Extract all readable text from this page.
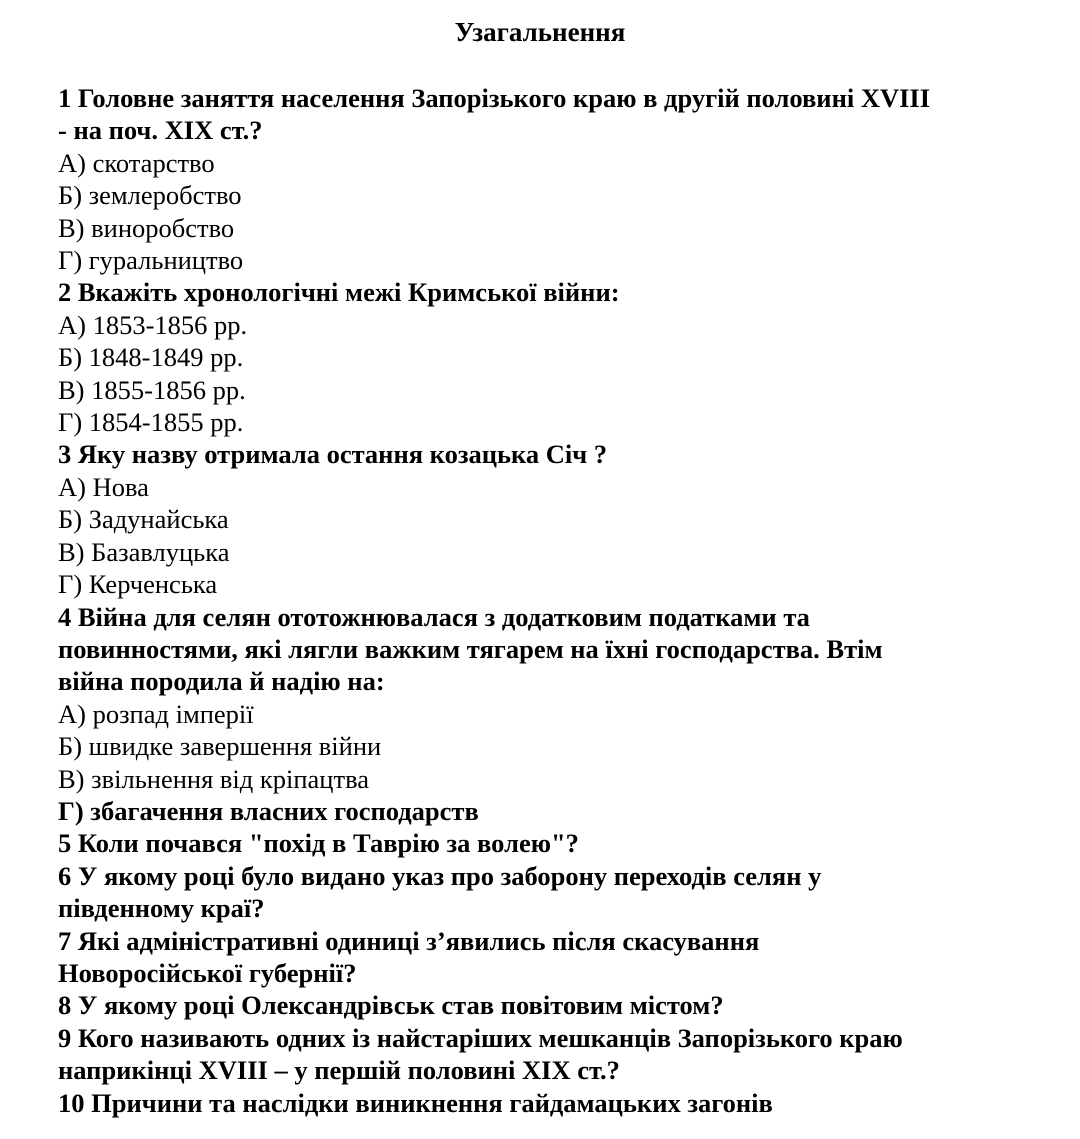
Узагальнення
1 Головне заняття населення Запорізького краю в другій половині XVIII
- на поч. XIX ст.?
А) скотарство
Б) землеробство
В) виноробство
Г) гуральництво
2 Вкажіть хронологічні межі Кримської війни:
А) 1853-1856 рр.
Б) 1848-1849 рр.
В) 1855-1856 рр.
Г) 1854-1855 рр.
3 Яку назву отримала остання козацька Січ ?
А) Нова
Б) Задунайська
В) Базавлуцька
Г) Керченська
4 Війна для селян ототожнювалася з додатковим податками та
повинностями, які лягли важким тягарем на їхні господарства. Втім
війна породила й надію на:
А) розпад імперії
Б) швидке завершення війни
В) звільнення від кріпацтва
Г) збагачення власних господарств
5 Коли почався "похід в Таврію за волею"?
6 У якому році було видано указ про заборону переходів селян у
південному краї?
7 Які адміністративні одиниці з’явились після скасування
Новоросійської губернії?
8 У якому році Олександрівськ став повітовим містом?
9 Кого називають одних із найстаріших мешканців Запорізького краю
наприкінці XVIII – у першій половині XIX ст.?
10 Причини та наслідки виникнення гайдамацьких загонів
